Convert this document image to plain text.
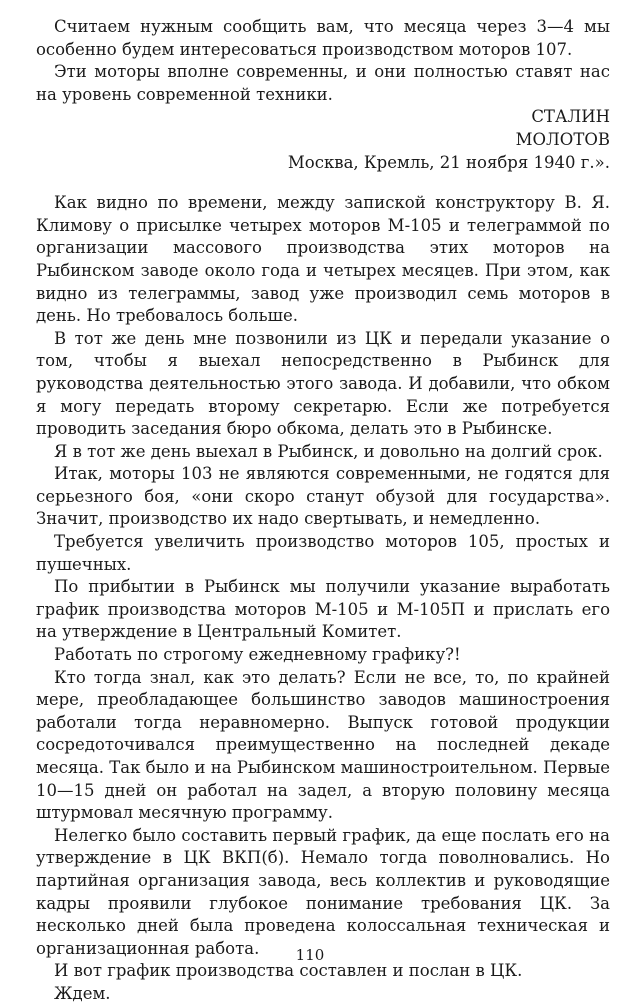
Считаем нужным сообщить вам, что месяца через 3—4 мы особенно будем интересоваться производством моторов 107.

Эти моторы вполне современны, и они полностью ставят нас на уровень современной техники.

СТАЛИН

МОЛОТОВ

Москва, Кремль, 21 ноября 1940 г.».

Как видно по времени, между запиской конструктору В. Я. Климову о присылке четырех моторов М-105 и телеграммой по организации массового производства этих моторов на Рыбинском заводе около года и четырех месяцев. При этом, как видно из телеграммы, завод уже производил семь моторов в день. Но требовалось больше.

В тот же день мне позвонили из ЦК и передали указание о том, чтобы я выехал непосредственно в Рыбинск для руководства деятельностью этого завода. И добавили, что обком я могу передать второму секретарю. Если же потребуется проводить заседания бюро обкома, делать это в Рыбинске.

Я в тот же день выехал в Рыбинск, и довольно на долгий срок.

Итак, моторы 103 не являются современными, не годятся для серьезного боя, «они скоро станут обузой для государства». Значит, производство их надо свертывать, и немедленно.

Требуется увеличить производство моторов 105, простых и пушечных.

По прибытии в Рыбинск мы получили указание выработать график производства моторов М-105 и М-105П и прислать его на утверждение в Центральный Комитет.

Работать по строгому ежедневному графику?!

Кто тогда знал, как это делать? Если не все, то, по крайней мере, преобладающее большинство заводов машиностроения работали тогда неравномерно. Выпуск готовой продукции сосредоточивался преимущественно на последней декаде месяца. Так было и на Рыбинском машиностроительном. Первые 10—15 дней он работал на задел, а вторую половину месяца штурмовал месячную программу.

Нелегко было составить первый график, да еще послать его на утверждение в ЦК ВКП(б). Немало тогда поволновались. Но партийная организация завода, весь коллектив и руководящие кадры проявили глубокое понимание требования ЦК. За несколько дней была проведена колоссальная техническая и организационная работа.

И вот график производства составлен и послан в ЦК.

Ждем.

110
